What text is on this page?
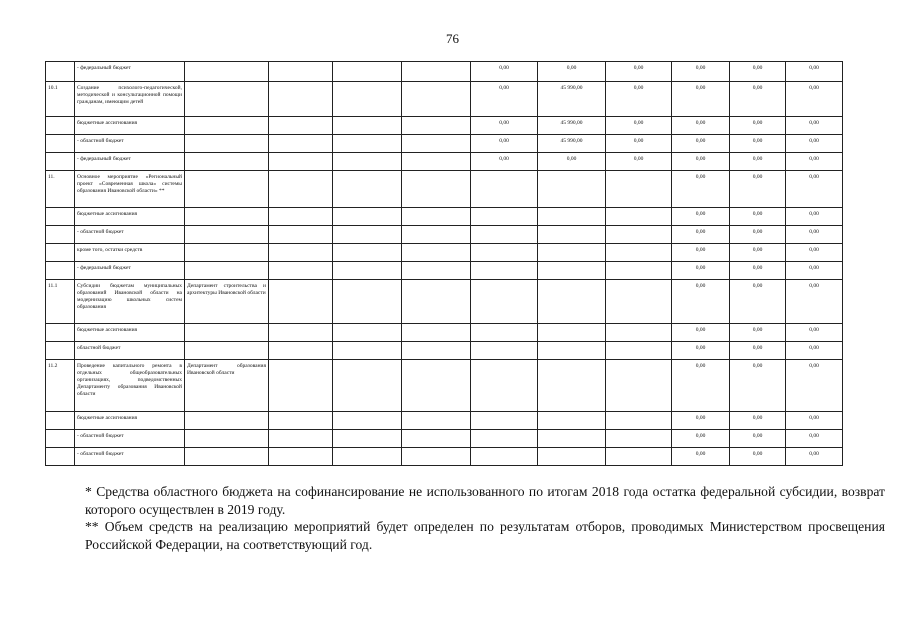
76
	- федеральный бюджет					0,00	0,00	0,00	0,00	0,00	0,00
10.1	Создание психолого-педагогической, методической и консультационной помощи гражданам, имеющим детей					0,00	45 990,00	0,00	0,00	0,00	0,00
	бюджетные ассигнования					0,00	45 990,00	0,00	0,00	0,00	0,00
	- областной бюджет					0,00	45 990,00	0,00	0,00	0,00	0,00
	- федеральный бюджет					0,00	0,00	0,00	0,00	0,00	0,00
11.	Основное мероприятие «Региональный проект «Современная школа» системы образования Ивановской области» **								0,00	0,00	0,00
	бюджетные ассигнования								0,00	0,00	0,00
	- областной бюджет								0,00	0,00	0,00
	кроме того, остатки средств								0,00	0,00	0,00
	- федеральный бюджет								0,00	0,00	0,00
11.1	Субсидии бюджетам муниципальных образований Ивановской области на модернизацию школьных систем образования	Департамент строительства и архитектуры Ивановской области							0,00	0,00	0,00
	бюджетные ассигнования								0,00	0,00	0,00
	областной бюджет								0,00	0,00	0,00
11.2	Проведение капитального ремонта в отдельных общеобразовательных организациях, подведомственных Департаменту образования Ивановской области	Департамент образования Ивановской области							0,00	0,00	0,00
	бюджетные ассигнования								0,00	0,00	0,00
	- областной бюджет								0,00	0,00	0,00
	- областной бюджет								0,00	0,00	0,00
* Средства областного бюджета на софинансирование не использованного по итогам 2018 года остатка федеральной субсидии, возврат которого осуществлен в 2019 году.
** Объем средств на реализацию мероприятий будет определен по результатам отборов, проводимых Министерством просвещения Российской Федерации, на соответствующий год.
